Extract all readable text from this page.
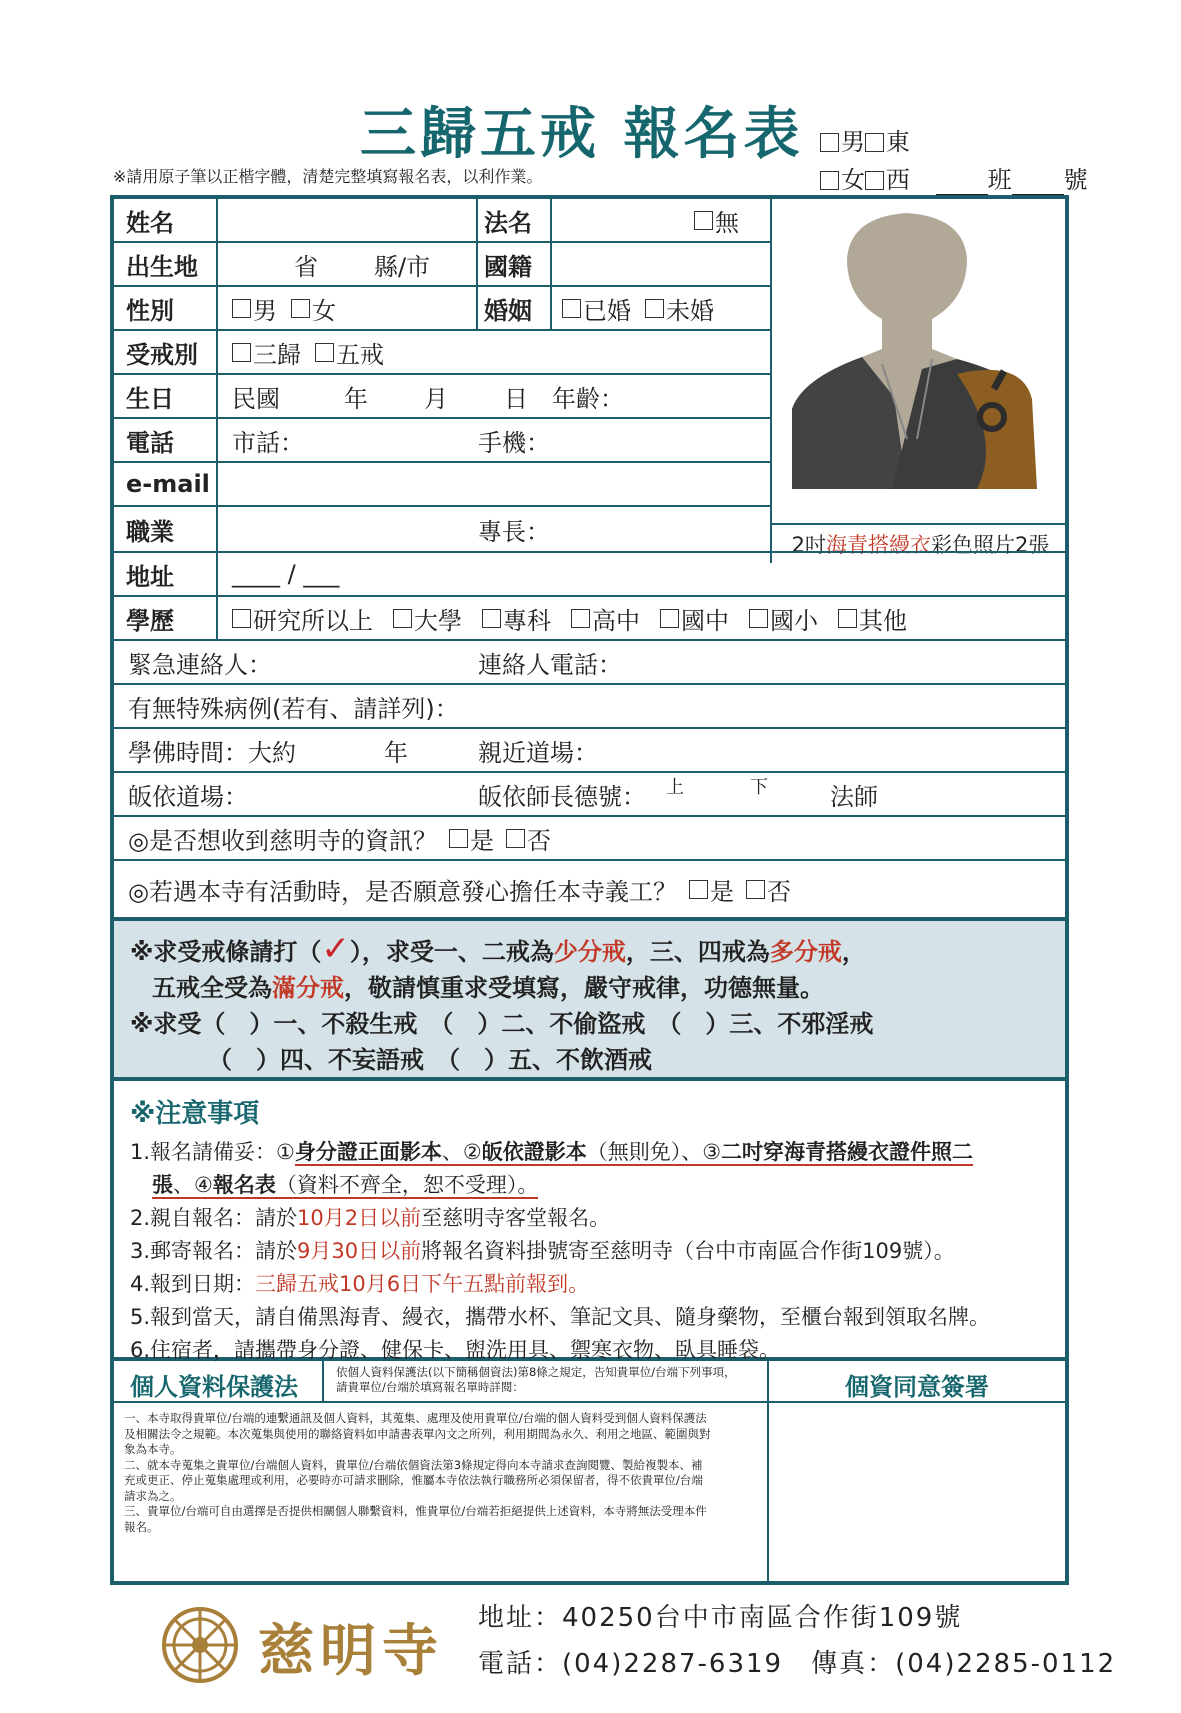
三歸五戒 報名表	男 東
女 西	班 號
※請用原子筆以正楷字體，清楚完整填寫報名表，以利作業。
姓名	法名	無
出生地	省 縣/市	國籍
性別	男 女	婚姻	已婚 未婚
受戒別	三歸 五戒
生日	民國	年 月 日 年齡：
電話	市話：	手機：
e-mail
2吋 海青搭縵衣 彩色照片2張
職業	專長：
地址	____ / ___
學歷	研究所以上 大學 專科 高中 國中 國小 其他
緊急連絡人：	連絡人電話：
有無特殊病例(若有、請詳列)：
學佛時間：大約	年	親近道場：
皈依道場：	皈依師長德號： 上	下	法師
◎是否想收到慈明寺的資訊？ 是 否
◎若遇本寺有活動時，是否願意發心擔任本寺義工？ 是 否
※求受戒條請打（✓），求受一、二戒為少分戒，三、四戒為多分戒，
五戒全受為滿分戒，敬請慎重求受填寫，嚴守戒律，功德無量。
※求受（　）一、不殺生戒　（　）二、不偷盜戒　（　）三、不邪淫戒
（　）四、不妄語戒　（　）五、不飲酒戒
※注意事項
1.報名請備妥：①身分證正面影本、②皈依證影本（無則免）、③二吋穿海青搭縵衣證件照二
張、④報名表（資料不齊全，恕不受理）。
2.親自報名：請於10月2日以前至慈明寺客堂報名。
3.郵寄報名：請於9月30日以前將報名資料掛號寄至慈明寺（台中市南區合作街109號）。
4.報到日期：三歸五戒10月6日下午五點前報到。
5.報到當天，請自備黑海青、縵衣，攜帶水杯、筆記文具、隨身藥物，至櫃台報到領取名牌。
6.住宿者，請攜帶身分證、健保卡、盥洗用具、禦寒衣物、臥具睡袋。
個人資料保護法
依個人資料保護法(以下簡稱個資法)第8條之規定，告知貴單位/台端下列事項，請貴單位/台端於填寫報名單時詳閱：	個資同意簽署
一、本寺取得貴單位/台端的連繫通訊及個人資料，其蒐集、處理及使用貴單位/台端的個人資料受到個人資料保護法及相關法令之規範。本次蒐集與使用的聯絡資料如申請書表單內文之所列，利用期間為永久、利用之地區、範圍與對象為本寺。
二、就本寺蒐集之貴單位/台端個人資料，貴單位/台端依個資法第3條規定得向本寺請求查詢閱覽、製給複製本、補充或更正、停止蒐集處理或利用，必要時亦可請求刪除，惟屬本寺依法執行職務所必須保留者，得不依貴單位/台端請求為之。
三、貴單位/台端可自由選擇是否提供相關個人聯繫資料，惟貴單位/台端若拒絕提供上述資料，本寺將無法受理本件報名。
慈明寺 地址：40250台中市南區合作街109號
電話：(04)2287-6319　傳真：(04)2285-0112
